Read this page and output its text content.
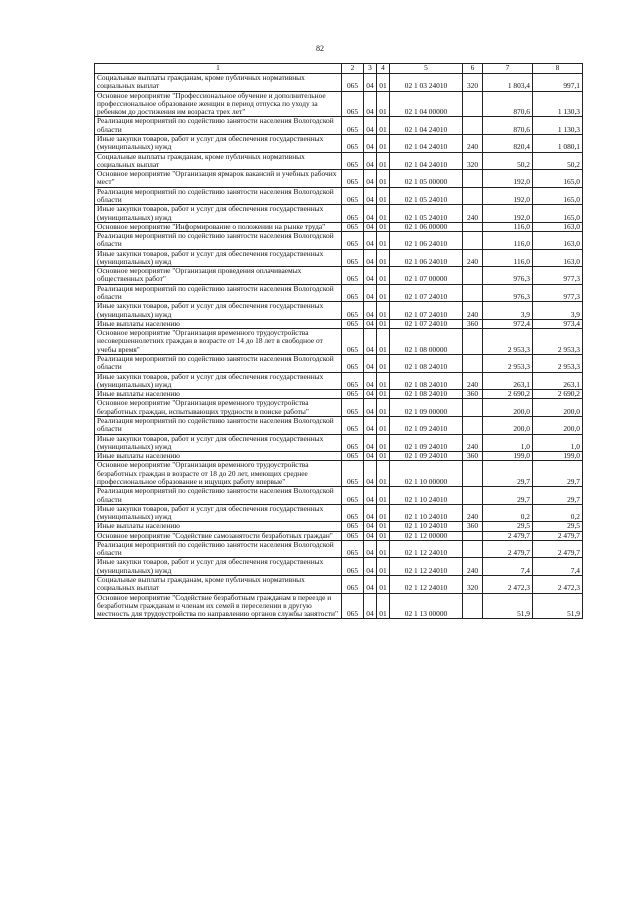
82
1	2	3	4	5	6	7	8
Социальные выплаты гражданам, кроме публичных нормативных социальных выплат	065	04	01	02 1 03 24010	320	1 803,4	997,1
Основное мероприятие "Профессиональное обучение и дополнительное профессиональное образование женщин в период отпуска по уходу за ребенком до достижения им возраста трех лет"	065	04	01	02 1 04 00000		870,6	1 130,3
Реализация мероприятий по содействию занятости населения Вологодской области	065	04	01	02 1 04 24010		870,6	1 130,3
Иные закупки товаров, работ и услуг для обеспечения государственных (муниципальных) нужд	065	04	01	02 1 04 24010	240	820,4	1 080,1
Социальные выплаты гражданам, кроме публичных нормативных социальных выплат	065	04	01	02 1 04 24010	320	50,2	50,2
Основное мероприятие "Организация ярмарок вакансий и учебных рабочих мест"	065	04	01	02 1 05 00000		192,0	165,0
Реализация мероприятий по содействию занятости населения Вологодской области	065	04	01	02 1 05 24010		192,0	165,0
Иные закупки товаров, работ и услуг для обеспечения государственных (муниципальных) нужд	065	04	01	02 1 05 24010	240	192,0	165,0
Основное мероприятие "Информирование о положении на рынке труда"	065	04	01	02 1 06 00000		116,0	163,0
Реализация мероприятий по содействию занятости населения Вологодской области	065	04	01	02 1 06 24010		116,0	163,0
Иные закупки товаров, работ и услуг для обеспечения государственных (муниципальных) нужд	065	04	01	02 1 06 24010	240	116,0	163,0
Основное мероприятие "Организация проведения оплачиваемых общественных работ"	065	04	01	02 1 07 00000		976,3	977,3
Реализация мероприятий по содействию занятости населения Вологодской области	065	04	01	02 1 07 24010		976,3	977,3
Иные закупки товаров, работ и услуг для обеспечения государственных (муниципальных) нужд	065	04	01	02 1 07 24010	240	3,9	3,9
Иные выплаты населению	065	04	01	02 1 07 24010	360	972,4	973,4
Основное мероприятие "Организация временного трудоустройства несовершеннолетних граждан в возрасте от 14 до 18 лет в свободное от учебы время"	065	04	01	02 1 08 00000		2 953,3	2 953,3
Реализация мероприятий по содействию занятости населения Вологодской области	065	04	01	02 1 08 24010		2 953,3	2 953,3
Иные закупки товаров, работ и услуг для обеспечения государственных (муниципальных) нужд	065	04	01	02 1 08 24010	240	263,1	263,1
Иные выплаты населению	065	04	01	02 1 08 24010	360	2 690,2	2 690,2
Основное мероприятие "Организация временного трудоустройства безработных граждан, испытывающих трудности в поиске работы"	065	04	01	02 1 09 00000		200,0	200,0
Реализация мероприятий по содействию занятости населения Вологодской области	065	04	01	02 1 09 24010		200,0	200,0
Иные закупки товаров, работ и услуг для обеспечения государственных (муниципальных) нужд	065	04	01	02 1 09 24010	240	1,0	1,0
Иные выплаты населению	065	04	01	02 1 09 24010	360	199,0	199,0
Основное мероприятие "Организация временного трудоустройства безработных граждан в возрасте от 18 до 20 лет, имеющих среднее профессиональное образование и ищущих работу впервые"	065	04	01	02 1 10 00000		29,7	29,7
Реализация мероприятий по содействию занятости населения Вологодской области	065	04	01	02 1 10 24010		29,7	29,7
Иные закупки товаров, работ и услуг для обеспечения государственных (муниципальных) нужд	065	04	01	02 1 10 24010	240	0,2	0,2
Иные выплаты населению	065	04	01	02 1 10 24010	360	29,5	29,5
Основное мероприятие "Содействие самозанятости безработных граждан"	065	04	01	02 1 12 00000		2 479,7	2 479,7
Реализация мероприятий по содействию занятости населения Вологодской области	065	04	01	02 1 12 24010		2 479,7	2 479,7
Иные закупки товаров, работ и услуг для обеспечения государственных (муниципальных) нужд	065	04	01	02 1 12 24010	240	7,4	7,4
Социальные выплаты гражданам, кроме публичных нормативных социальных выплат	065	04	01	02 1 12 24010	320	2 472,3	2 472,3
Основное мероприятие "Содействие безработным гражданам в переезде и безработным гражданам и членам их семей в переселении в другую местность для трудоустройства по направлению органов службы занятости"	065	04	01	02 1 13 00000		51,9	51,9
